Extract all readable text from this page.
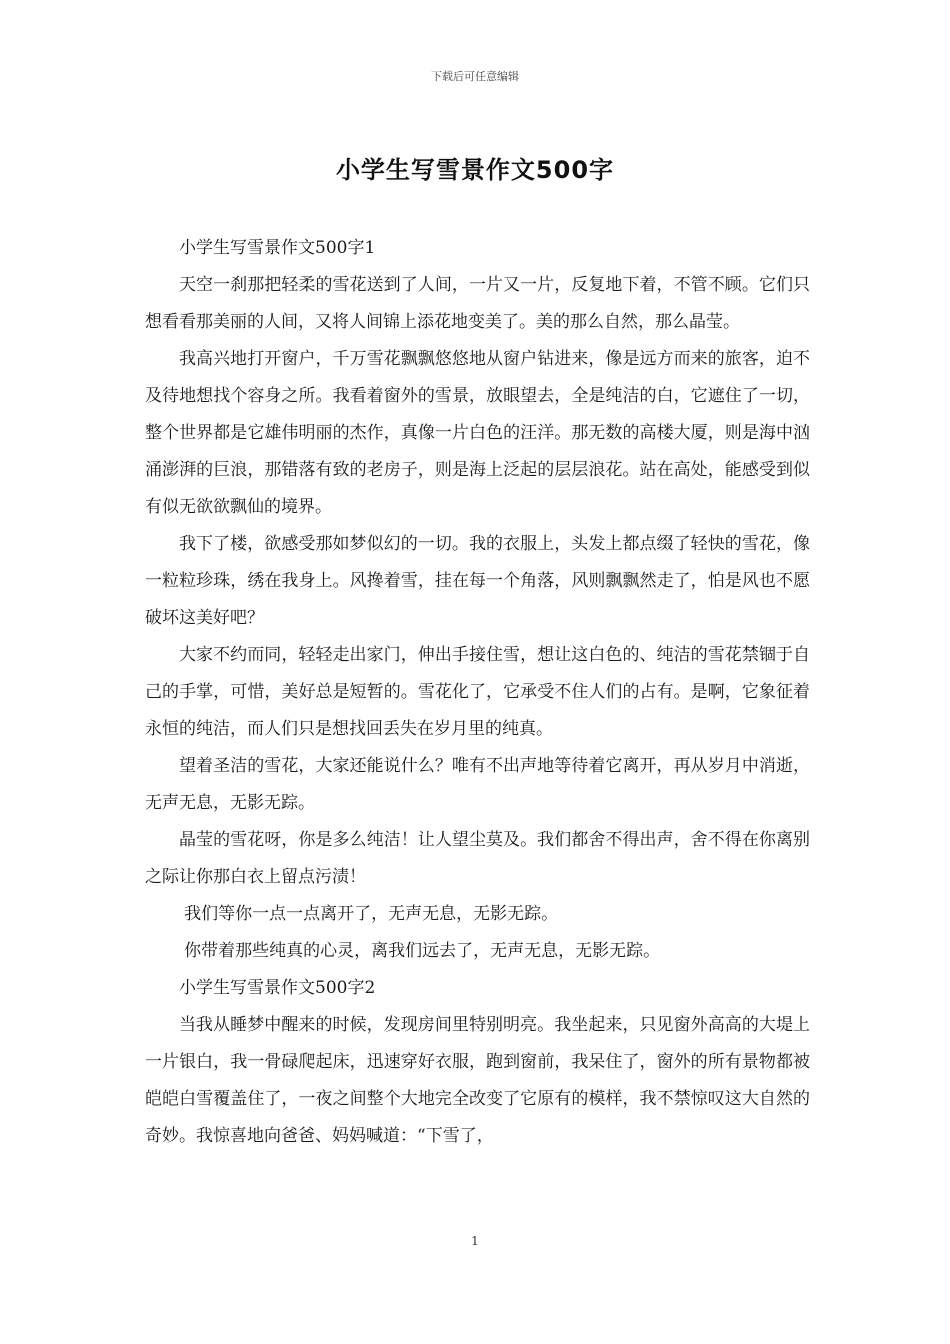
下载后可任意编辑
小学生写雪景作文500字

小学生写雪景作文500字1

天空一刹那把轻柔的雪花送到了人间，一片又一片，反复地下着，不管不顾。它们只想看看那美丽的人间，又将人间锦上添花地变美了。美的那么自然，那么晶莹。

我高兴地打开窗户，千万雪花飘飘悠悠地从窗户钻进来，像是远方而来的旅客，迫不及待地想找个容身之所。我看着窗外的雪景，放眼望去，全是纯洁的白，它遮住了一切，整个世界都是它雄伟明丽的杰作，真像一片白色的汪洋。那无数的高楼大厦，则是海中汹涌澎湃的巨浪，那错落有致的老房子，则是海上泛起的层层浪花。站在高处，能感受到似有似无欲欲飘仙的境界。

我下了楼，欲感受那如梦似幻的一切。我的衣服上，头发上都点缀了轻快的雪花，像一粒粒珍珠，绣在我身上。风搀着雪，挂在每一个角落，风则飘飘然走了，怕是风也不愿破坏这美好吧？

大家不约而同，轻轻走出家门，伸出手接住雪，想让这白色的、纯洁的雪花禁锢于自己的手掌，可惜，美好总是短暂的。雪花化了，它承受不住人们的占有。是啊，它象征着永恒的纯洁，而人们只是想找回丢失在岁月里的纯真。

望着圣洁的雪花，大家还能说什么？唯有不出声地等待着它离开，再从岁月中消逝，无声无息，无影无踪。

晶莹的雪花呀，你是多么纯洁！让人望尘莫及。我们都舍不得出声，舍不得在你离别之际让你那白衣上留点污渍！

我们等你一点一点离开了，无声无息，无影无踪。

你带着那些纯真的心灵，离我们远去了，无声无息，无影无踪。

小学生写雪景作文500字2

当我从睡梦中醒来的时候，发现房间里特别明亮。我坐起来，只见窗外高高的大堤上一片银白，我一骨碌爬起床，迅速穿好衣服，跑到窗前，我呆住了，窗外的所有景物都被皑皑白雪覆盖住了，一夜之间整个大地完全改变了它原有的模样，我不禁惊叹这大自然的奇妙。我惊喜地向爸爸、妈妈喊道：“下雪了，

1
